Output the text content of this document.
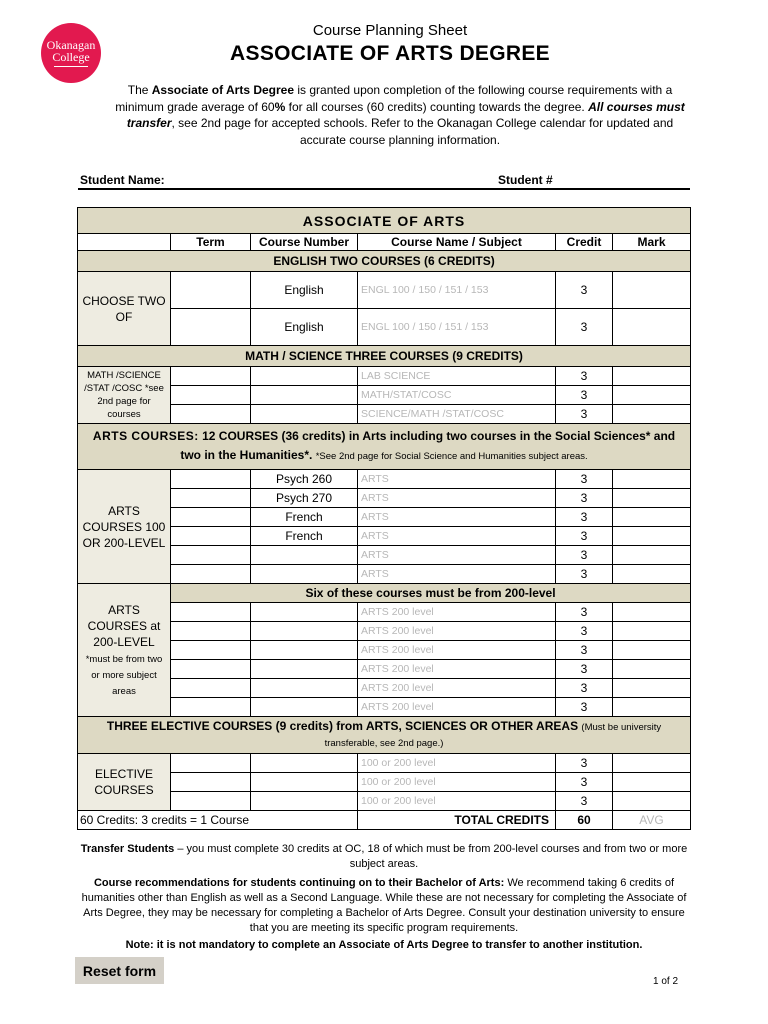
Okanagan
College
Course Planning Sheet
ASSOCIATE OF ARTS DEGREE
The Associate of Arts Degree is granted upon completion of the following course requirements with a minimum grade average of 60% for all courses (60 credits) counting towards the degree. All courses must transfer, see 2nd page for accepted schools. Refer to the Okanagan College calendar for updated and accurate course planning information.
Student Name:	Student #
ASSOCIATE OF ARTS					
	Term	Course Number	Course Name / Subject	Credit	Mark
ENGLISH TWO COURSES (6 CREDITS)					
CHOOSE TWO OF		English	ENGL 100 / 150 / 151 / 153	3	
		English	ENGL 100 / 150 / 151 / 153	3	
MATH / SCIENCE THREE COURSES (9 CREDITS)					
MATH /SCIENCE /STAT /COSC *see 2nd page for courses			LAB SCIENCE	3	
			MATH/STAT/COSC	3	
			SCIENCE/MATH /STAT/COSC	3	
ARTS COURSES: 12 COURSES (36 credits) in Arts including two courses in the Social Sciences* and two in the Humanities*. *See 2nd page for Social Science and Humanities subject areas.					
ARTS COURSES 100 OR 200-LEVEL		Psych 260	ARTS	3	
		Psych 270	ARTS	3	
		French	ARTS	3	
		French	ARTS	3	
			ARTS	3	
			ARTS	3	
ARTS COURSES at 200-LEVEL
*must be from two or more subject areas	Six of these courses must be from 200-level				
			ARTS 200 level	3	
			ARTS 200 level	3	
			ARTS 200 level	3	
			ARTS 200 level	3	
			ARTS 200 level	3	
			ARTS 200 level	3	
THREE ELECTIVE COURSES (9 credits) from ARTS, SCIENCES OR OTHER AREAS (Must be university transferable, see 2nd page.)					
ELECTIVE COURSES			100 or 200 level	3	
			100 or 200 level	3	
			100 or 200 level	3	
60 Credits: 3 credits = 1 Course			TOTAL CREDITS	60	AVG
Transfer Students – you must complete 30 credits at OC, 18 of which must be from 200-level courses and from two or more subject areas.
Course recommendations for students continuing on to their Bachelor of Arts: We recommend taking 6 credits of humanities other than English as well as a Second Language. While these are not necessary for completing the Associate of Arts Degree, they may be necessary for completing a Bachelor of Arts Degree. Consult your destination university to ensure that you are meeting its specific program requirements.
Note: it is not mandatory to complete an Associate of Arts Degree to transfer to another institution.
Reset form
1 of 2
